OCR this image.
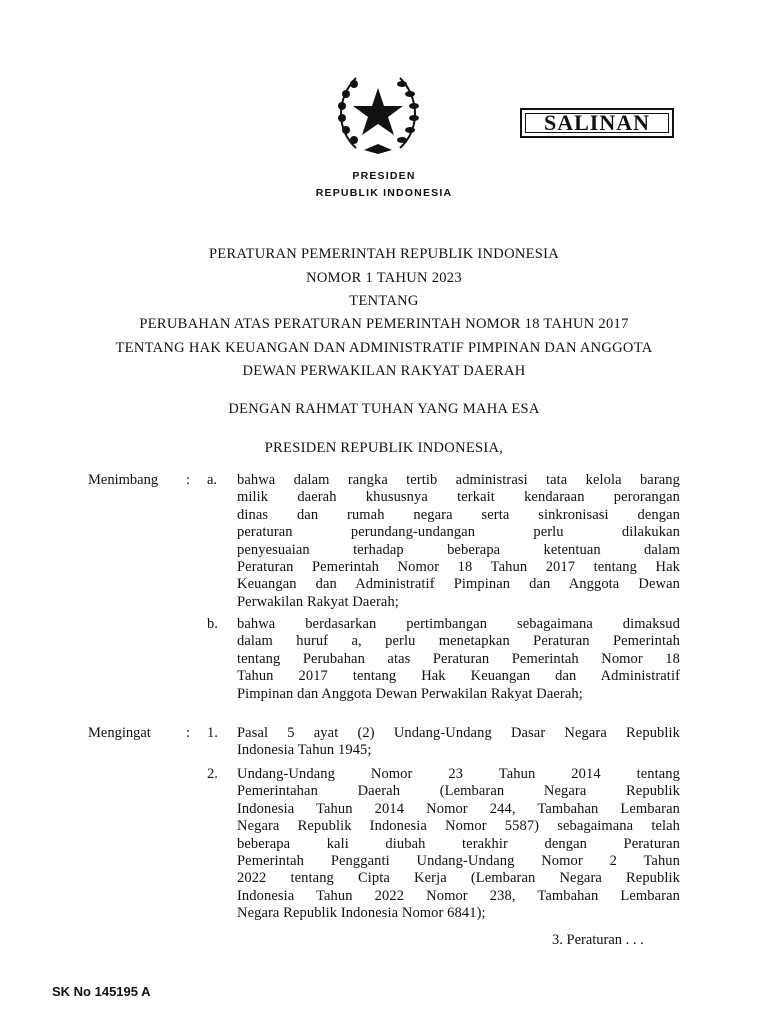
SALINAN
PRESIDEN
REPUBLIK INDONESIA
PERATURAN PEMERINTAH REPUBLIK INDONESIA
NOMOR 1 TAHUN 2023
TENTANG
PERUBAHAN ATAS PERATURAN PEMERINTAH NOMOR 18 TAHUN 2017
TENTANG HAK KEUANGAN DAN ADMINISTRATIF PIMPINAN DAN ANGGOTA
DEWAN PERWAKILAN RAKYAT DAERAH
DENGAN RAHMAT TUHAN YANG MAHA ESA
PRESIDEN REPUBLIK INDONESIA,
Menimbang : a. bahwa dalam rangka tertib administrasi tata kelola barang
milik daerah khususnya terkait kendaraan perorangan
dinas dan rumah negara serta sinkronisasi dengan
peraturan perundang-undangan perlu dilakukan
penyesuaian terhadap beberapa ketentuan dalam
Peraturan Pemerintah Nomor 18 Tahun 2017 tentang Hak
Keuangan dan Administratif Pimpinan dan Anggota Dewan
Perwakilan Rakyat Daerah;
b. bahwa berdasarkan pertimbangan sebagaimana dimaksud
dalam huruf a, perlu menetapkan Peraturan Pemerintah
tentang Perubahan atas Peraturan Pemerintah Nomor 18
Tahun 2017 tentang Hak Keuangan dan Administratif
Pimpinan dan Anggota Dewan Perwakilan Rakyat Daerah;
Mengingat : 1. Pasal 5 ayat (2) Undang-Undang Dasar Negara Republik
Indonesia Tahun 1945;
2. Undang-Undang Nomor 23 Tahun 2014 tentang
Pemerintahan Daerah (Lembaran Negara Republik
Indonesia Tahun 2014 Nomor 244, Tambahan Lembaran
Negara Republik Indonesia Nomor 5587) sebagaimana telah
beberapa kali diubah terakhir dengan Peraturan
Pemerintah Pengganti Undang-Undang Nomor 2 Tahun
2022 tentang Cipta Kerja (Lembaran Negara Republik
Indonesia Tahun 2022 Nomor 238, Tambahan Lembaran
Negara Republik Indonesia Nomor 6841);
3. Peraturan . . .
SK No 145195 A
